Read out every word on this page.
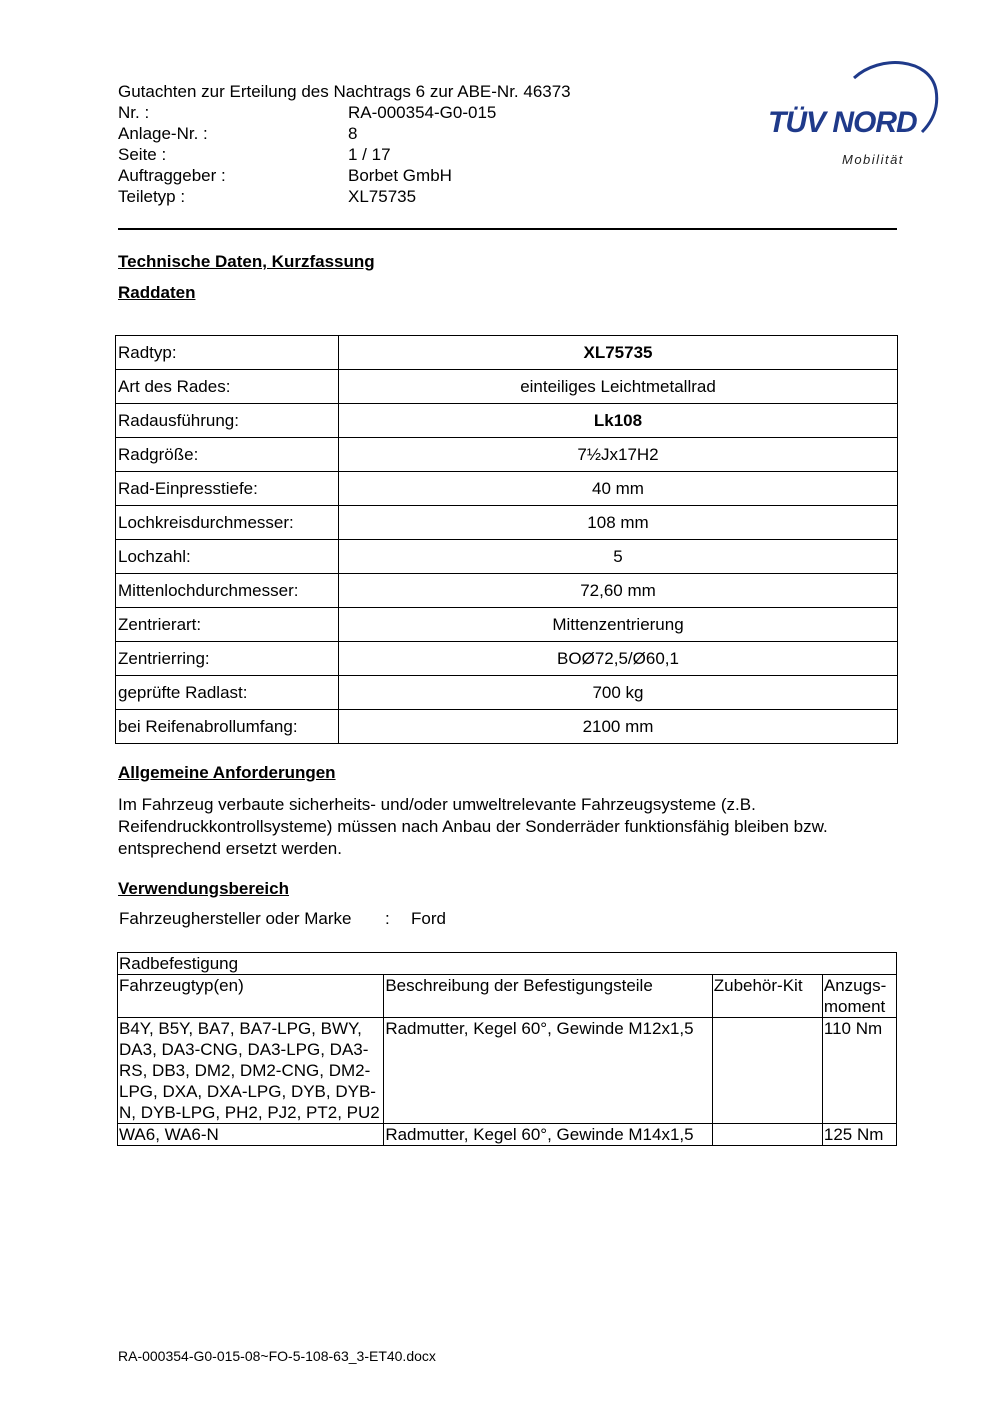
Gutachten zur Erteilung des Nachtrags 6 zur ABE-Nr. 46373
Nr. :	RA-000354-G0-015
Anlage-Nr. :	8
Seite :	1 / 17
Auftraggeber :	Borbet GmbH
Teiletyp :	XL75735
TÜV NORD
Mobilität
Technische Daten, Kurzfassung
Raddaten
Radtyp:	XL75735
Art des Rades:	einteiliges Leichtmetallrad
Radausführung:	Lk108
Radgröße:	7½Jx17H2
Rad-Einpresstiefe:	40 mm
Lochkreisdurchmesser:	108 mm
Lochzahl:	5
Mittenlochdurchmesser:	72,60 mm
Zentrierart:	Mittenzentrierung
Zentrierring:	BOØ72,5/Ø60,1
geprüfte Radlast:	700 kg
bei Reifenabrollumfang:	2100 mm
Allgemeine Anforderungen
Im Fahrzeug verbaute sicherheits- und/oder umweltrelevante Fahrzeugsysteme (z.B. Reifendruckkontrollsysteme) müssen nach Anbau der Sonderräder funktionsfähig bleiben bzw. entsprechend ersetzt werden.
Verwendungsbereich
Fahrzeughersteller oder Marke : Ford
Radbefestigung			
Fahrzeugtyp(en)	Beschreibung der Befestigungsteile	Zubehör-Kit	Anzugs-moment
B4Y, B5Y, BA7, BA7-LPG, BWY, DA3, DA3-CNG, DA3-LPG, DA3-RS, DB3, DM2, DM2-CNG, DM2-LPG, DXA, DXA-LPG, DYB, DYB-N, DYB-LPG, PH2, PJ2, PT2, PU2	Radmutter, Kegel 60°, Gewinde M12x1,5		110 Nm
WA6, WA6-N	Radmutter, Kegel 60°, Gewinde M14x1,5		125 Nm
RA-000354-G0-015-08~FO-5-108-63_3-ET40.docx
